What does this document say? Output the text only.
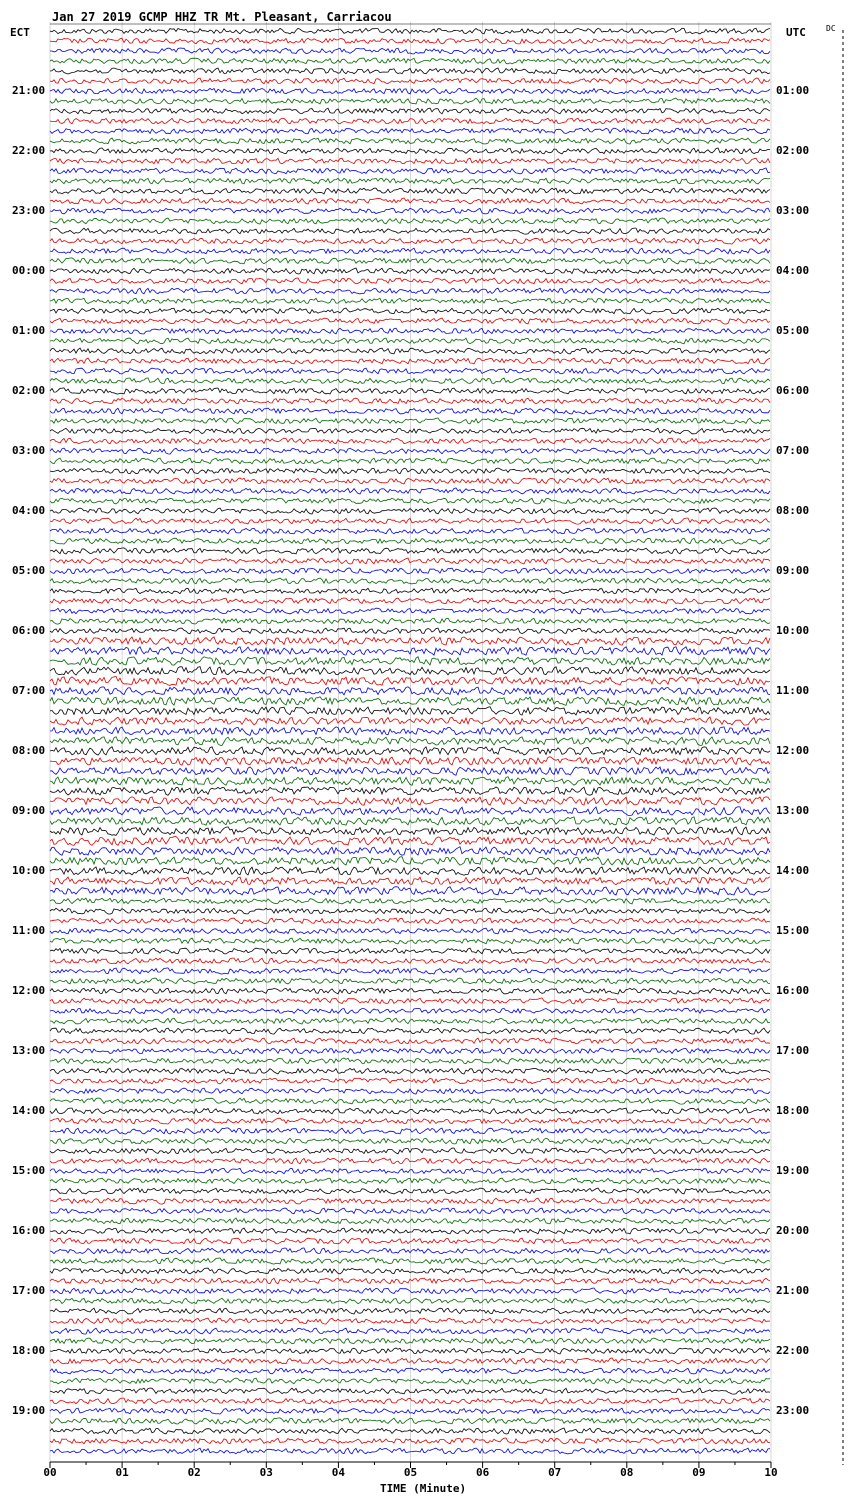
Jan 27 2019 GCMP HHZ TR Mt. Pleasant, Carriacou
ECT	UTC	DC
TIME (Minute)
21:00
22:00
23:00
00:00
01:00
02:00
03:00
04:00
05:00
06:00
07:00
08:00
09:00
10:00
11:00
12:00
13:00
14:00
15:00
16:00
17:00
18:00
19:00
01:00
02:00
03:00
04:00
05:00
06:00
07:00
08:00
09:00
10:00
11:00
12:00
13:00
14:00
15:00
16:00
17:00
18:00
19:00
20:00
21:00
22:00
23:00
00	01	02	03	04	05	06	07	08	09	10
